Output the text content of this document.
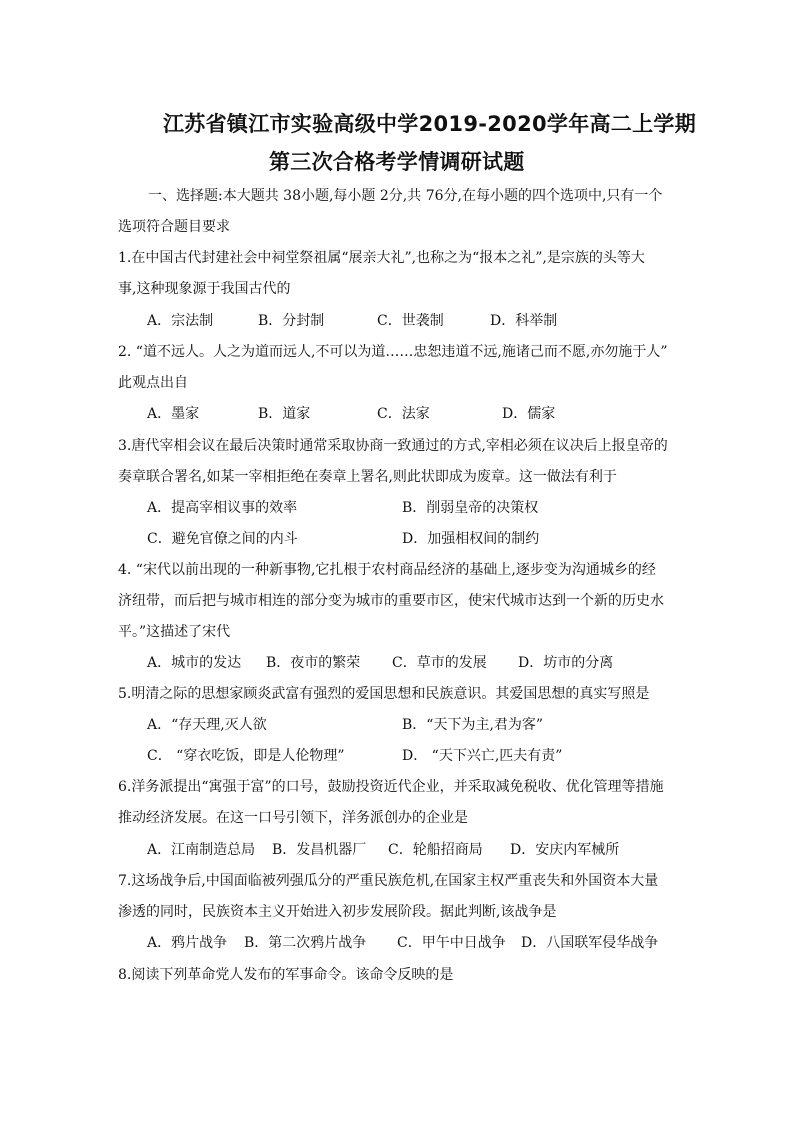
江苏省镇江市实验高级中学2019-2020学年高二上学期
第三次合格考学情调研试题
一、选择题:本大题共 38小题,每小题 2分,共 76分,在每小题的四个选项中,只有一个
选项符合题目要求
1.在中国古代封建社会中祠堂祭祖属“展亲大礼”,也称之为“报本之礼”,是宗族的头等大
事,这种现象源于我国古代的
A．宗法制	B．分封制	C．世袭制	D．科举制
2. “道不远人。人之为道而远人,不可以为道……忠恕违道不远,施诸己而不愿,亦勿施于人”
此观点出自
A．墨家	B．道家	C．法家	D．儒家
3.唐代宰相会议在最后决策时通常采取协商一致通过的方式,宰相必须在议决后上报皇帝的
奏章联合署名,如某一宰相拒绝在奏章上署名,则此状即成为废章。这一做法有利于
A．提高宰相议事的效率	B．削弱皇帝的决策权
C．避免官僚之间的内斗	D．加强相权间的制约
4. “宋代以前出现的一种新事物,它扎根于农村商品经济的基础上,逐步变为沟通城乡的经
济纽带，而后把与城市相连的部分变为城市的重要市区，使宋代城市达到一个新的历史水
平。”这描述了宋代
A．城市的发达 B．夜市的繁荣 C．草市的发展 D．坊市的分离
5.明清之际的思想家顾炎武富有强烈的爱国思想和民族意识。其爱国思想的真实写照是
A．“存天理,灭人欲	B．“天下为主,君为客”
C． “穿衣吃饭，即是人伦物理”	D． “天下兴亡,匹夫有责”
6.洋务派提出“寓强于富”的口号，鼓励投资近代企业，并采取减免税收、优化管理等措施
推动经济发展。在这一口号引领下，洋务派创办的企业是
A．江南制造总局 B．发昌机器厂 C．轮船招商局 D．安庆内军械所
7.这场战争后,中国面临被列强瓜分的严重民族危机,在国家主权严重丧失和外国资本大量
渗透的同时，民族资本主义开始进入初步发展阶段。据此判断,该战争是
A．鸦片战争 B．第二次鸦片战争 C．甲午中日战争 D．八国联军侵华战争
8.阅读下列革命党人发布的军事命令。该命令反映的是
